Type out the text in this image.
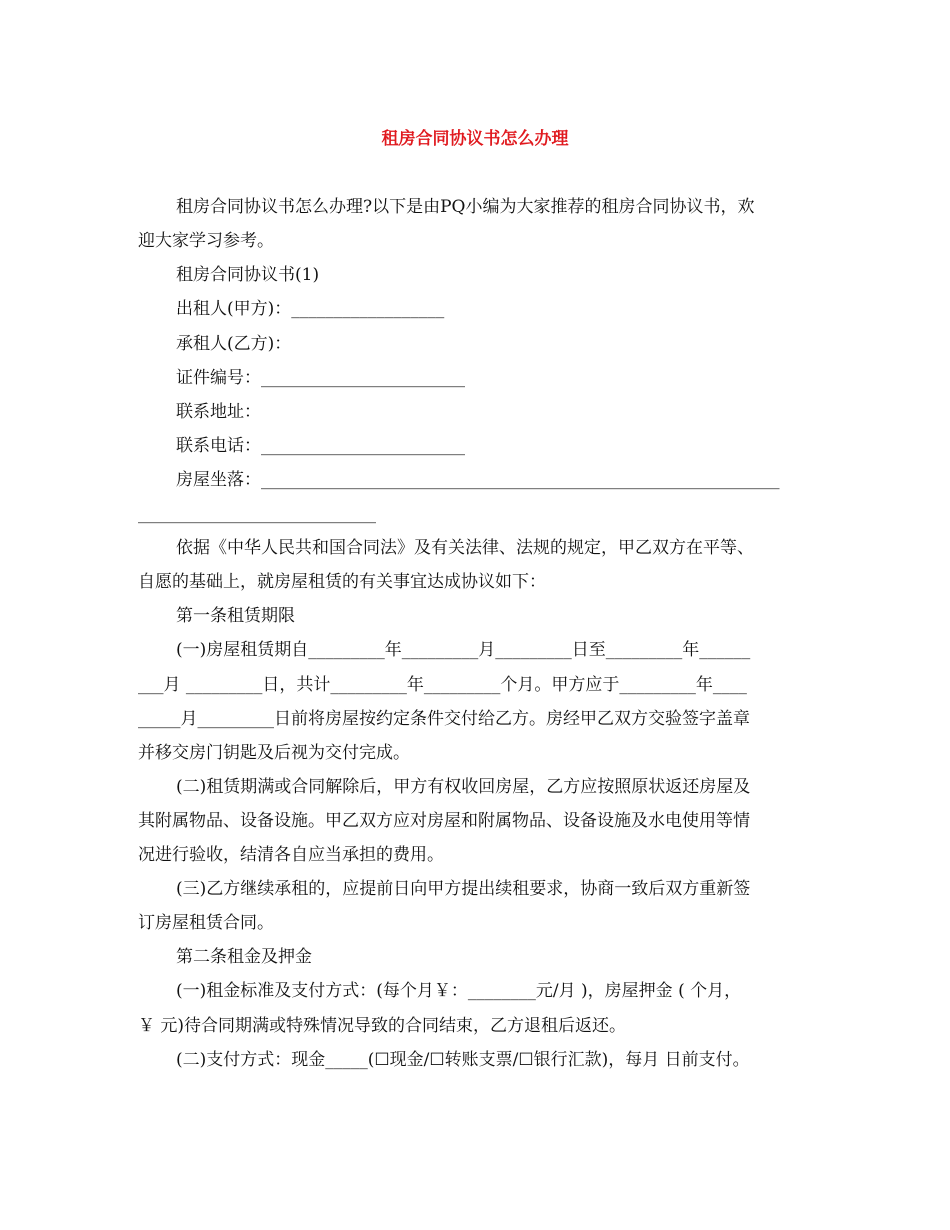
租房合同协议书怎么办理
租房合同协议书怎么办理?以下是由PQ小编为大家推荐的租房合同协议书，欢
迎大家学习参考。
租房合同协议书(1)
出租人(甲方)：__________________
承租人(乙方)：
证件编号：________________________
联系地址：
联系电话：________________________
房屋坐落：_____________________________________________________________
____________________________
依据《中华人民共和国合同法》及有关法律、法规的规定，甲乙双方在平等、
自愿的基础上，就房屋租赁的有关事宜达成协议如下：
第一条租赁期限
(一)房屋租赁期自_________年_________月_________日至_________年______
___月 _________日，共计_________年_________个月。甲方应于_________年____
_____月_________日前将房屋按约定条件交付给乙方。房经甲乙双方交验签字盖章
并移交房门钥匙及后视为交付完成。
(二)租赁期满或合同解除后，甲方有权收回房屋，乙方应按照原状返还房屋及
其附属物品、设备设施。甲乙双方应对房屋和附属物品、设备设施及水电使用等情
况进行验收，结清各自应当承担的费用。
(三)乙方继续承租的，应提前日向甲方提出续租要求，协商一致后双方重新签
订房屋租赁合同。
第二条租金及押金
(一)租金标准及支付方式：(每个月￥：________元/月 )，房屋押金 ( 个月，
￥ 元)待合同期满或特殊情况导致的合同结束，乙方退租后返还。
(二)支付方式：现金_____(☐现金/☐转账支票/☐银行汇款)，每月 日前支付。
